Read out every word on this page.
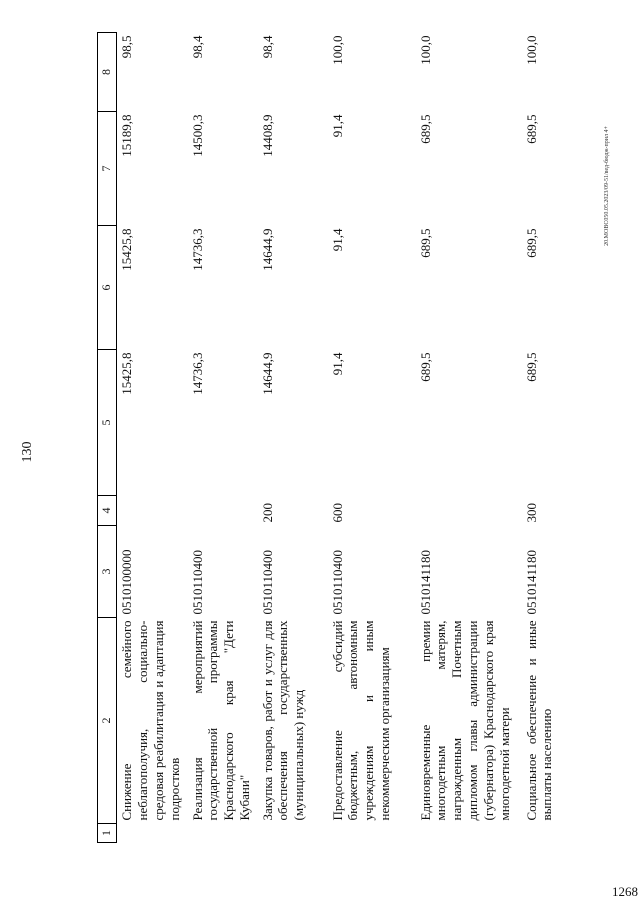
130
20.МОВС050.05.2023/09-51/вед-бюдж-прил 4+
1268
1	2	3	4	5	6	7	8
	Снижение семейного неблагополучия, социально-средовая реабилитация и адаптация подростков	0510100000		15425,8	15425,8	15189,8	98,5
	Реализация мероприятий государственной программы Краснодарского края "Дети Кубани"	0510110400		14736,3	14736,3	14500,3	98,4
	Закупка товаров, работ и услуг для обеспечения государственных (муниципальных) нужд	0510110400	200	14644,9	14644,9	14408,9	98,4
	Предоставление субсидий бюджетным, автономным учреждениям и иным некоммерческим организациям	0510110400	600	91,4	91,4	91,4	100,0
	Единовременные премии многодетным матерям, награжденным Почетным дипломом главы администрации (губернатора) Краснодарского края многодетной матери	0510141180		689,5	689,5	689,5	100,0
	Социальное обеспечение и иные выплаты населению	0510141180	300	689,5	689,5	689,5	100,0
